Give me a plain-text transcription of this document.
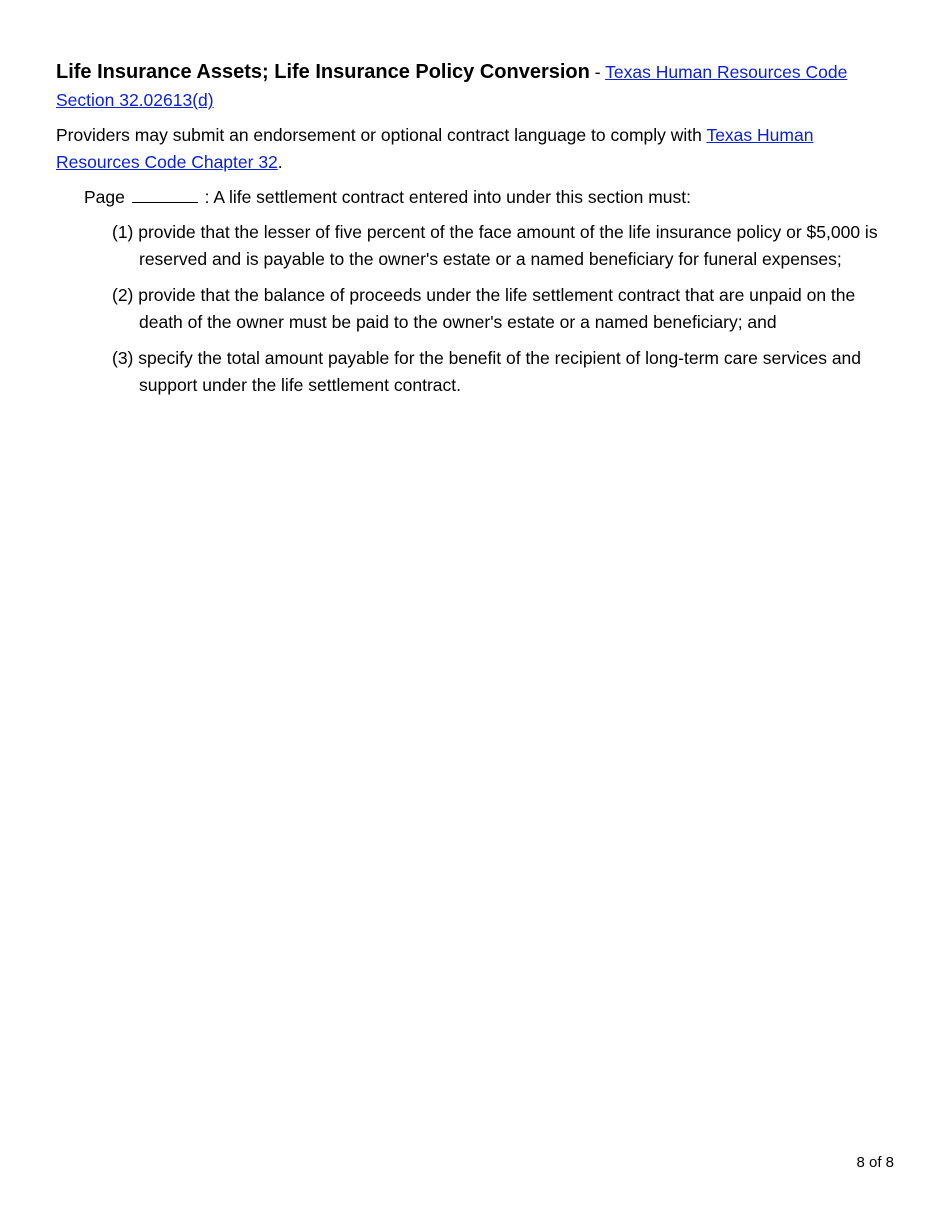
Life Insurance Assets; Life Insurance Policy Conversion - Texas Human Resources Code Section 32.02613(d)

Providers may submit an endorsement or optional contract language to comply with Texas Human Resources Code Chapter 32.

Page	: A life settlement contract entered into under this section must:

(1) provide that the lesser of five percent of the face amount of the life insurance policy or $5,000 is reserved and is payable to the owner's estate or a named beneficiary for funeral expenses;

(2) provide that the balance of proceeds under the life settlement contract that are unpaid on the death of the owner must be paid to the owner's estate or a named beneficiary; and

(3) specify the total amount payable for the benefit of the recipient of long-term care services and support under the life settlement contract.

8 of 8
